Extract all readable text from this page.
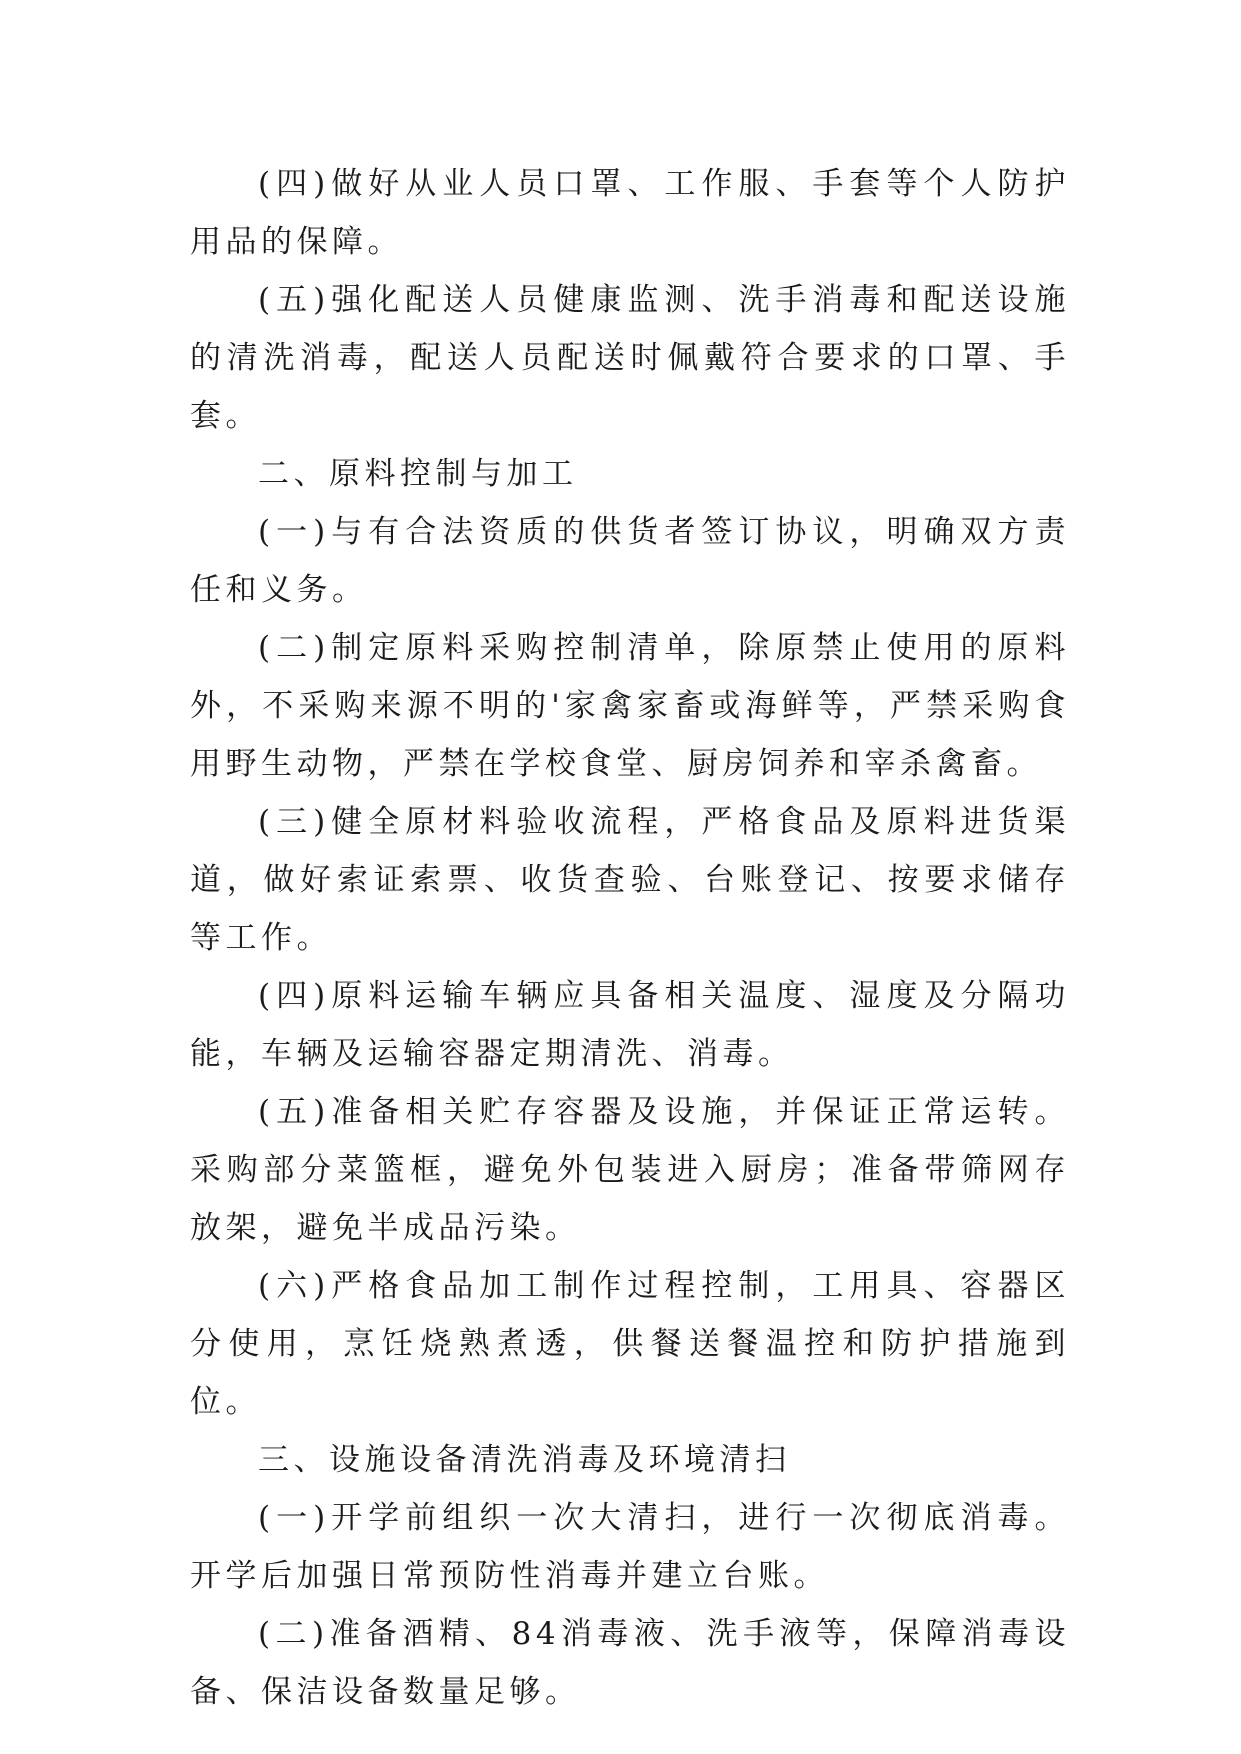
(四)做好从业人员口罩、工作服、手套等个人防护用品的保障。

(五)强化配送人员健康监测、洗手消毒和配送设施的清洗消毒，配送人员配送时佩戴符合要求的口罩、手套。

二、原料控制与加工

(一)与有合法资质的供货者签订协议，明确双方责任和义务。

(二)制定原料采购控制清单，除原禁止使用的原料外，不采购来源不明的'家禽家畜或海鲜等，严禁采购食用野生动物，严禁在学校食堂、厨房饲养和宰杀禽畜。

(三)健全原材料验收流程，严格食品及原料进货渠道，做好索证索票、收货查验、台账登记、按要求储存等工作。

(四)原料运输车辆应具备相关温度、湿度及分隔功能，车辆及运输容器定期清洗、消毒。

(五)准备相关贮存容器及设施，并保证正常运转。采购部分菜篮框，避免外包装进入厨房；准备带筛网存放架，避免半成品污染。

(六)严格食品加工制作过程控制，工用具、容器区分使用，烹饪烧熟煮透，供餐送餐温控和防护措施到位。

三、设施设备清洗消毒及环境清扫

(一)开学前组织一次大清扫，进行一次彻底消毒。开学后加强日常预防性消毒并建立台账。

(二)准备酒精、84消毒液、洗手液等，保障消毒设备、保洁设备数量足够。
